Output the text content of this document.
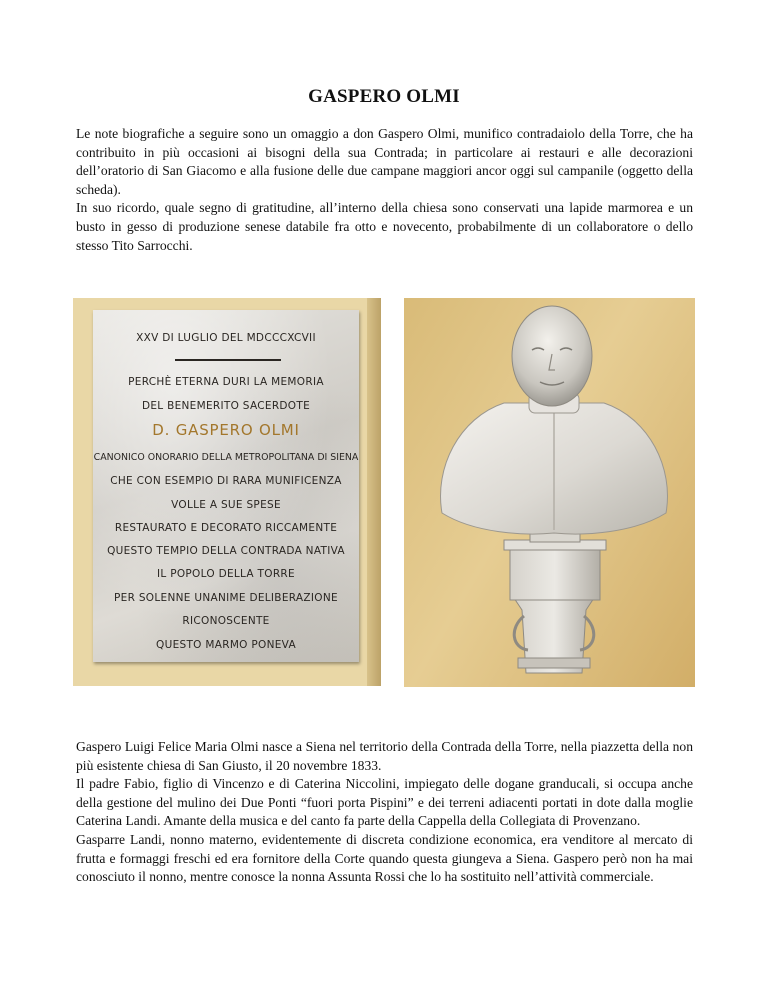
GASPERO OLMI

Le note biografiche a seguire sono un omaggio a don Gaspero Olmi, munifico contradaiolo della Torre, che ha contribuito in più occasioni ai bisogni della sua Contrada; in particolare ai restauri e alle decorazioni dell’oratorio di San Giacomo e alla fusione delle due campane maggiori ancor oggi sul campanile (oggetto della scheda).

In suo ricordo, quale segno di gratitudine, all’interno della chiesa sono conservati una lapide marmorea e un busto in gesso di produzione senese databile fra otto e novecento, probabilmente di un collaboratore o dello stesso Tito Sarrocchi.

XXV DI LUGLIO DEL MDCCCXCVII
PERCHÈ ETERNA DURI LA MEMORIA
DEL BENEMERITO SACERDOTE
D. GASPERO OLMI
CANONICO ONORARIO DELLA METROPOLITANA DI SIENA
CHE CON ESEMPIO DI RARA MUNIFICENZA
VOLLE A SUE SPESE
RESTAURATO E DECORATO RICCAMENTE
QUESTO TEMPIO DELLA CONTRADA NATIVA
IL POPOLO DELLA TORRE
PER SOLENNE UNANIME DELIBERAZIONE
RICONOSCENTE
QUESTO MARMO PONEVA

Gaspero Luigi Felice Maria Olmi nasce a Siena nel territorio della Contrada della Torre, nella piazzetta della non più esistente chiesa di San Giusto, il 20 novembre 1833.

Il padre Fabio, figlio di Vincenzo e di Caterina Niccolini, impiegato delle dogane granducali, si occupa anche della gestione del mulino dei Due Ponti “fuori porta Pispini” e dei terreni adiacenti portati in dote dalla moglie Caterina Landi. Amante della musica e del canto fa parte della Cappella della Collegiata di Provenzano.

Gasparre Landi, nonno materno, evidentemente di discreta condizione economica, era venditore al mercato di frutta e formaggi freschi ed era fornitore della Corte quando questa giungeva a Siena. Gaspero però non ha mai conosciuto il nonno, mentre conosce la nonna Assunta Rossi che lo ha sostituito nell’attività commerciale.
